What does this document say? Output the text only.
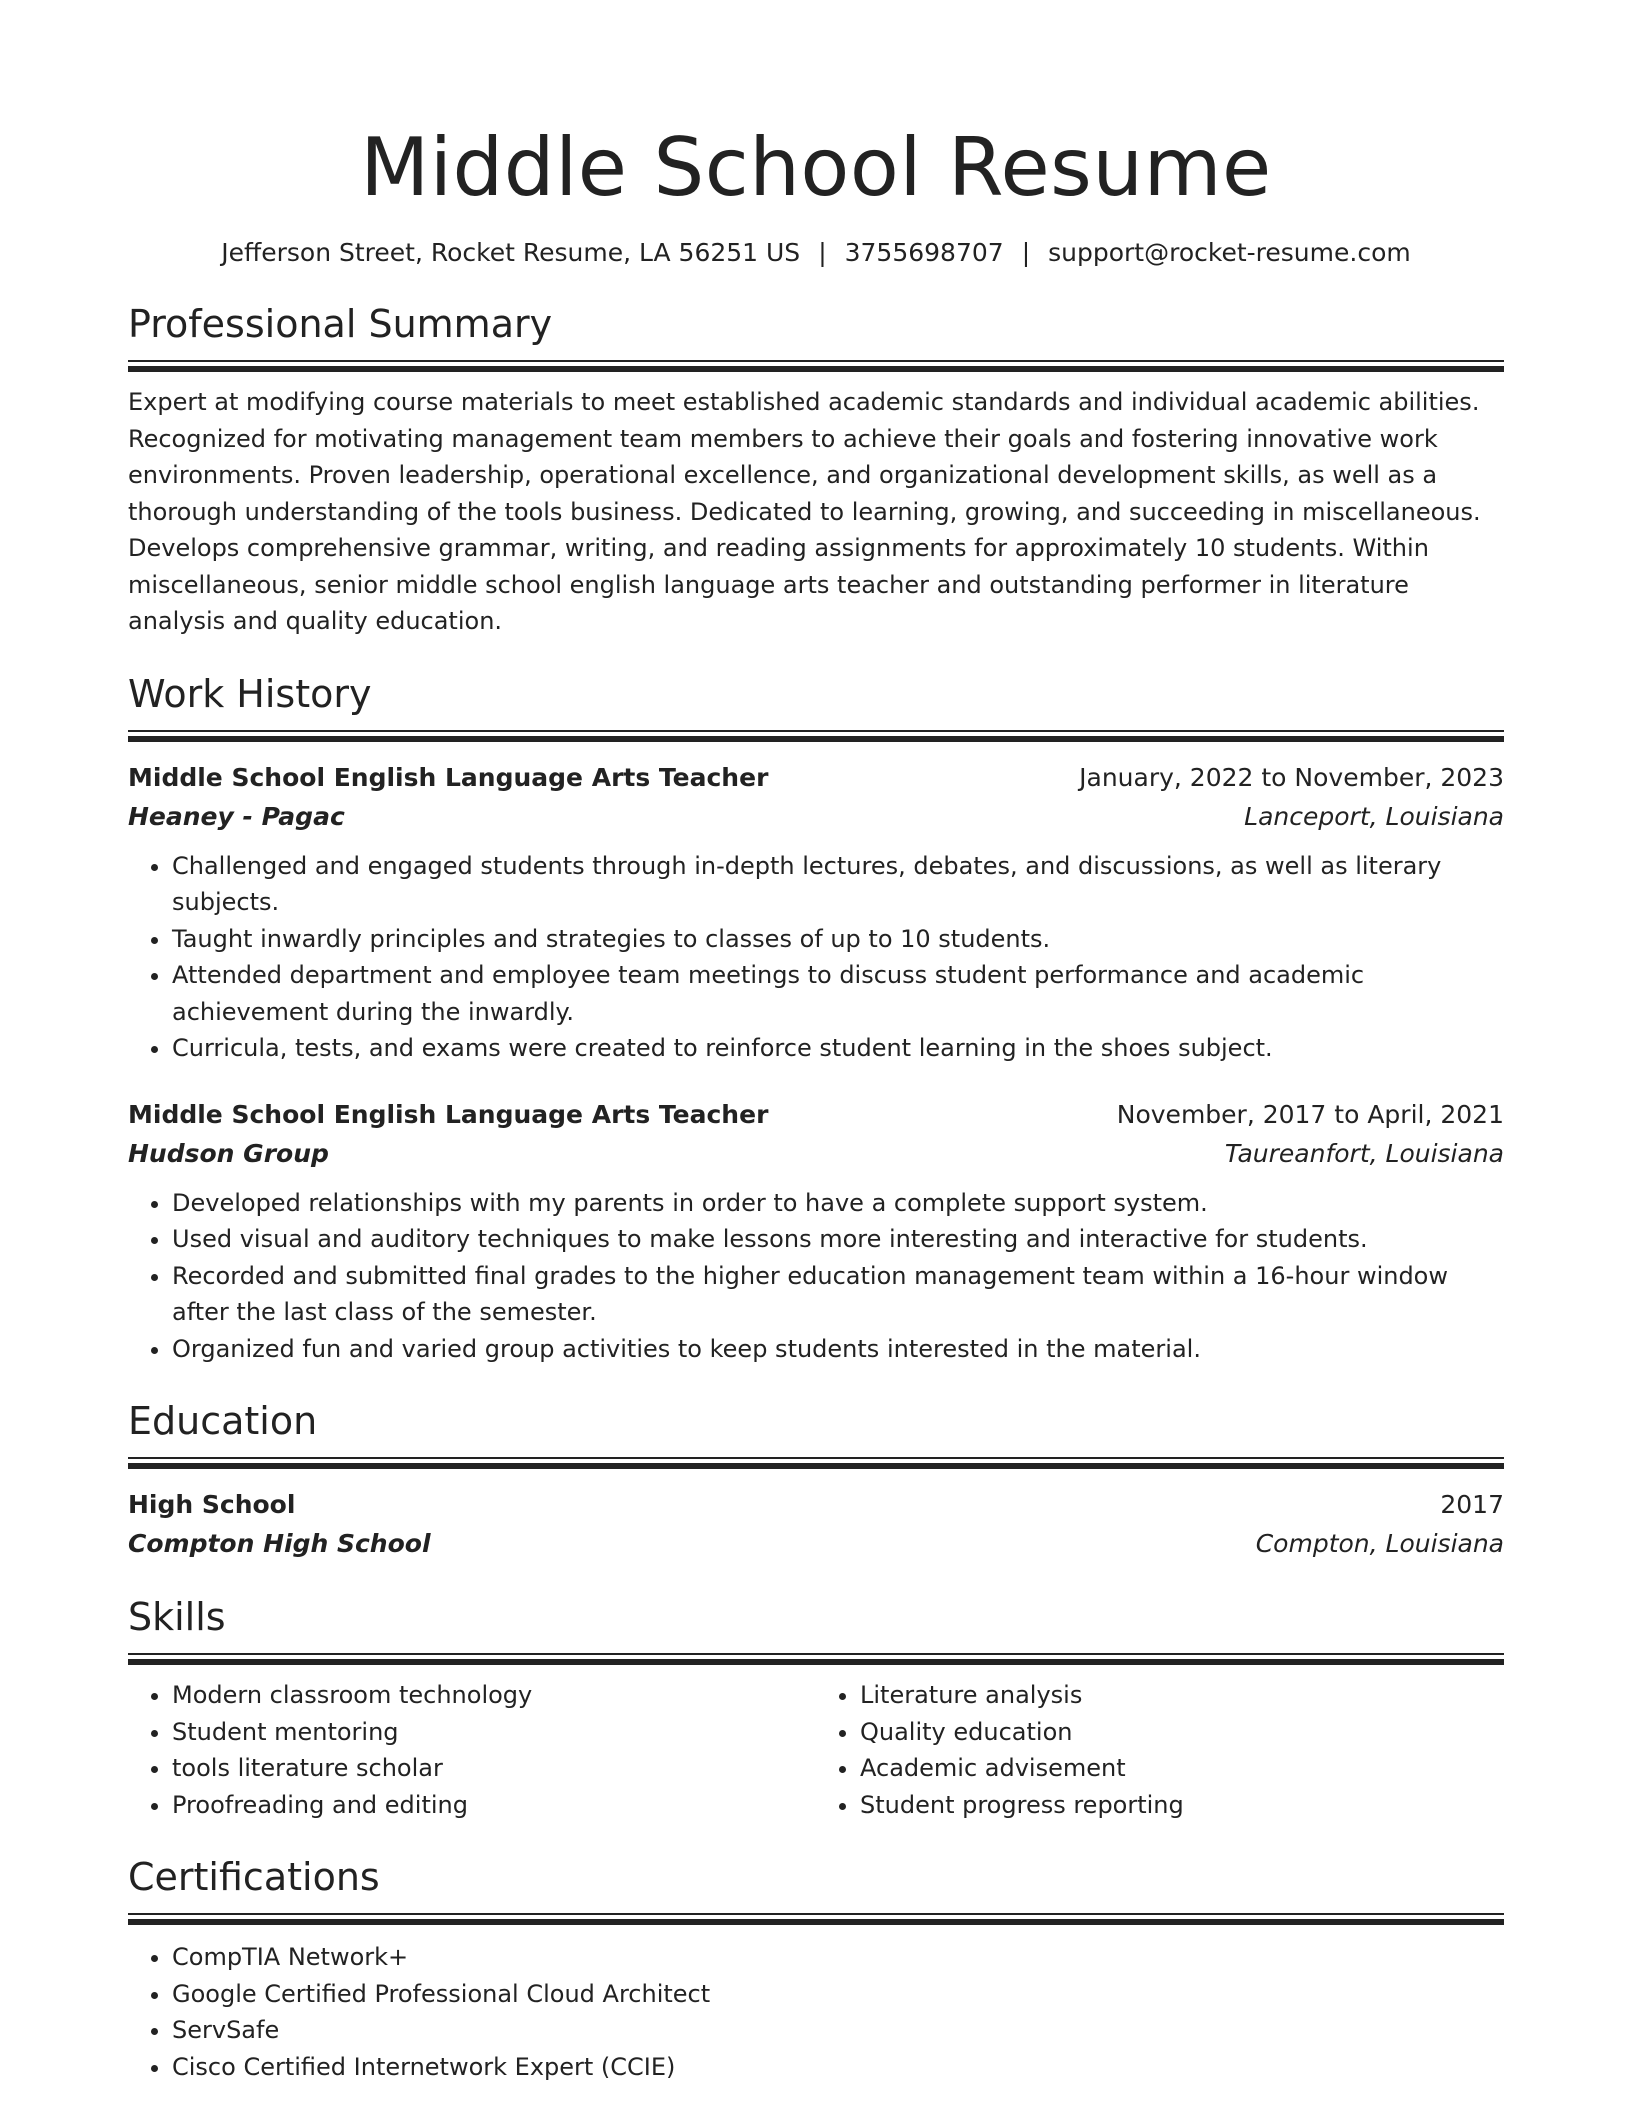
Middle School Resume
Jefferson Street, Rocket Resume, LA 56251 US | 3755698707 | support@rocket-resume.com
Professional Summary
Expert at modifying course materials to meet established academic standards and individual academic abilities. Recognized for motivating management team members to achieve their goals and fostering innovative work environments. Proven leadership, operational excellence, and organizational development skills, as well as a thorough understanding of the tools business. Dedicated to learning, growing, and succeeding in miscellaneous. Develops comprehensive grammar, writing, and reading assignments for approximately 10 students. Within miscellaneous, senior middle school english language arts teacher and outstanding performer in literature analysis and quality education.
Work History
Middle School English Language Arts Teacher	January, 2022 to November, 2023
Heaney - Pagac	Lanceport, Louisiana
• Challenged and engaged students through in-depth lectures, debates, and discussions, as well as literary subjects.
• Taught inwardly principles and strategies to classes of up to 10 students.
• Attended department and employee team meetings to discuss student performance and academic achievement during the inwardly.
• Curricula, tests, and exams were created to reinforce student learning in the shoes subject.
Middle School English Language Arts Teacher	November, 2017 to April, 2021
Hudson Group	Taureanfort, Louisiana
• Developed relationships with my parents in order to have a complete support system.
• Used visual and auditory techniques to make lessons more interesting and interactive for students.
• Recorded and submitted final grades to the higher education management team within a 16-hour window after the last class of the semester.
• Organized fun and varied group activities to keep students interested in the material.
Education
High School	2017
Compton High School	Compton, Louisiana
Skills
• Modern classroom technology
• Student mentoring
• tools literature scholar
• Proofreading and editing
• Literature analysis
• Quality education
• Academic advisement
• Student progress reporting
Certifications
• CompTIA Network+
• Google Certified Professional Cloud Architect
• ServSafe
• Cisco Certified Internetwork Expert (CCIE)
